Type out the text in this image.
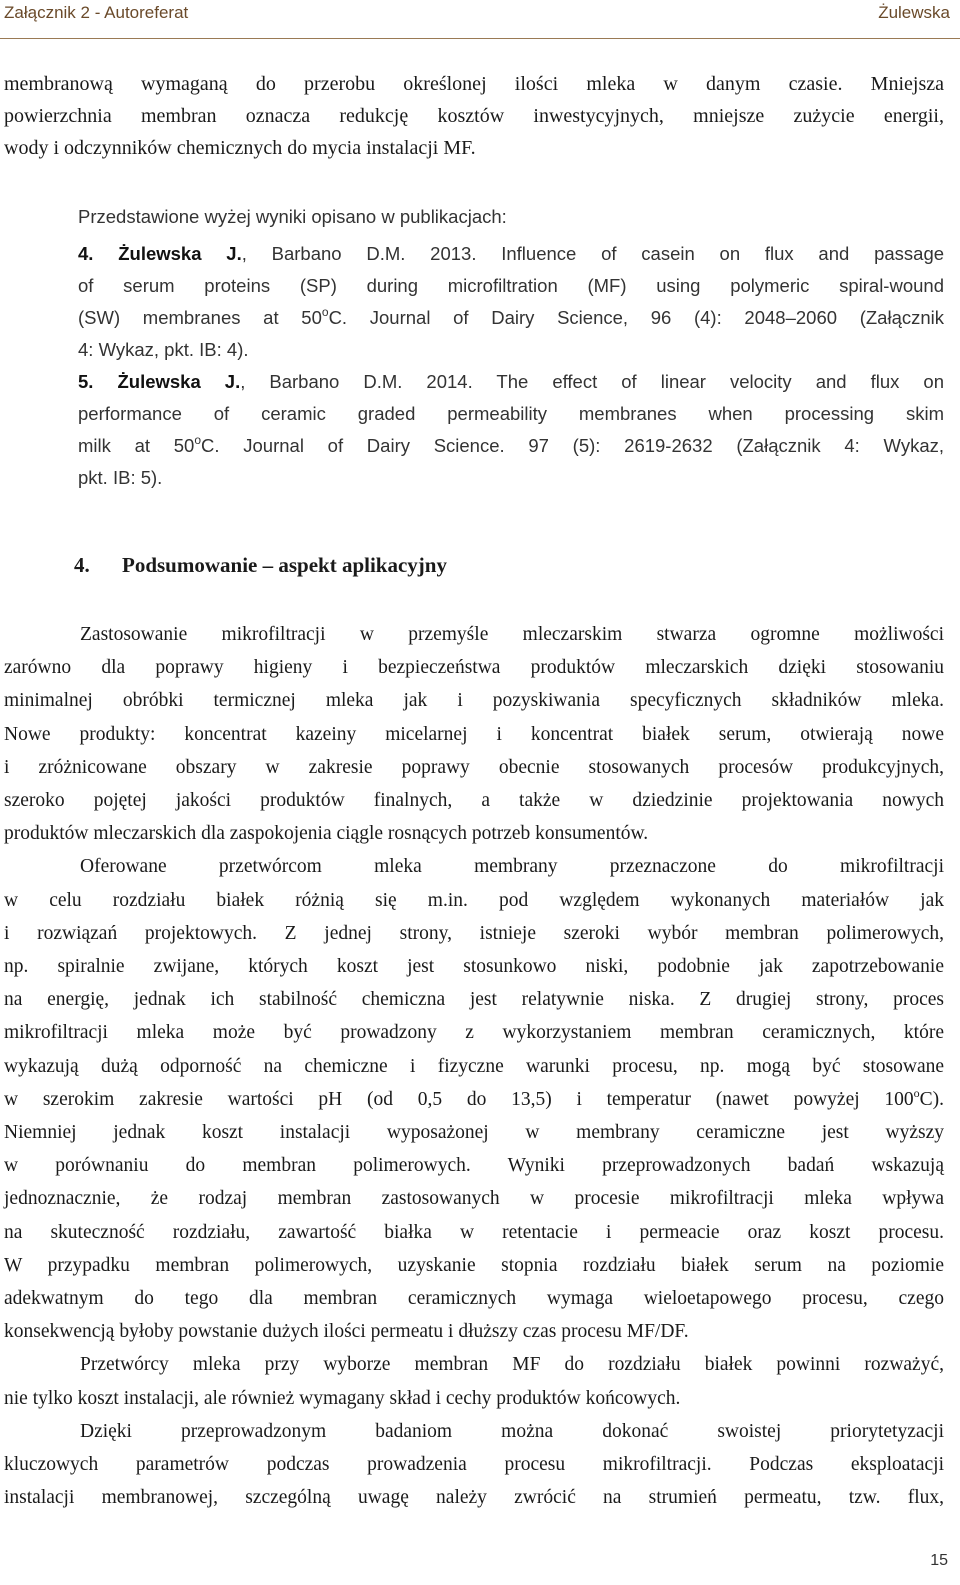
Załącznik 2 - Autoreferat	Żulewska
membranową wymaganą do przerobu określonej ilości mleka w danym czasie. Mniejsza
powierzchnia membran oznacza redukcję kosztów inwestycyjnych, mniejsze zużycie energii,
wody i odczynników chemicznych do mycia instalacji MF.
Przedstawione wyżej wyniki opisano w publikacjach:
4. Żulewska J., Barbano D.M. 2013. Influence of casein on flux and passage
of serum proteins (SP) during microfiltration (MF) using polymeric spiral-wound
(SW) membranes at 50$^o$C. Journal of Dairy Science, 96 (4): 2048–2060 (Załącznik
4: Wykaz, pkt. IB: 4).
5. Żulewska J., Barbano D.M. 2014. The effect of linear velocity and flux on
performance of ceramic graded permeability membranes when processing skim
milk at 50$^o$C. Journal of Dairy Science. 97 (5): 2619-2632 (Załącznik 4: Wykaz,
pkt. IB: 5).
4. Podsumowanie – aspekt aplikacyjny
Zastosowanie mikrofiltracji w przemyśle mleczarskim stwarza ogromne możliwości
zarówno dla poprawy higieny i bezpieczeństwa produktów mleczarskich dzięki stosowaniu
minimalnej obróbki termicznej mleka jak i pozyskiwania specyficznych składników mleka.
Nowe produkty: koncentrat kazeiny micelarnej i koncentrat białek serum, otwierają nowe
i zróżnicowane obszary w zakresie poprawy obecnie stosowanych procesów produkcyjnych,
szeroko pojętej jakości produktów finalnych, a także w dziedzinie projektowania nowych
produktów mleczarskich dla zaspokojenia ciągle rosnących potrzeb konsumentów.
Oferowane przetwórcom mleka membrany przeznaczone do mikrofiltracji
w celu rozdziału białek różnią się m.in. pod względem wykonanych materiałów jak
i rozwiązań projektowych. Z jednej strony, istnieje szeroki wybór membran polimerowych,
np. spiralnie zwijane, których koszt jest stosunkowo niski, podobnie jak zapotrzebowanie
na energię, jednak ich stabilność chemiczna jest relatywnie niska. Z drugiej strony, proces
mikrofiltracji mleka może być prowadzony z wykorzystaniem membran ceramicznych, które
wykazują dużą odporność na chemiczne i fizyczne warunki procesu, np. mogą być stosowane
w szerokim zakresie wartości pH (od 0,5 do 13,5) i temperatur (nawet powyżej 100$^o$C).
Niemniej jednak koszt instalacji wyposażonej w membrany ceramiczne jest wyższy
w porównaniu do membran polimerowych. Wyniki przeprowadzonych badań wskazują
jednoznacznie, że rodzaj membran zastosowanych w procesie mikrofiltracji mleka wpływa
na skuteczność rozdziału, zawartość białka w retentacie i permeacie oraz koszt procesu.
W przypadku membran polimerowych, uzyskanie stopnia rozdziału białek serum na poziomie
adekwatnym do tego dla membran ceramicznych wymaga wieloetapowego procesu, czego
konsekwencją byłoby powstanie dużych ilości permeatu i dłuższy czas procesu MF/DF.
Przetwórcy mleka przy wyborze membran MF do rozdziału białek powinni rozważyć,
nie tylko koszt instalacji, ale również wymagany skład i cechy produktów końcowych.
Dzięki przeprowadzonym badaniom można dokonać swoistej priorytetyzacji
kluczowych parametrów podczas prowadzenia procesu mikrofiltracji. Podczas eksploatacji
instalacji membranowej, szczególną uwagę należy zwrócić na strumień permeatu, tzw. flux,
15
